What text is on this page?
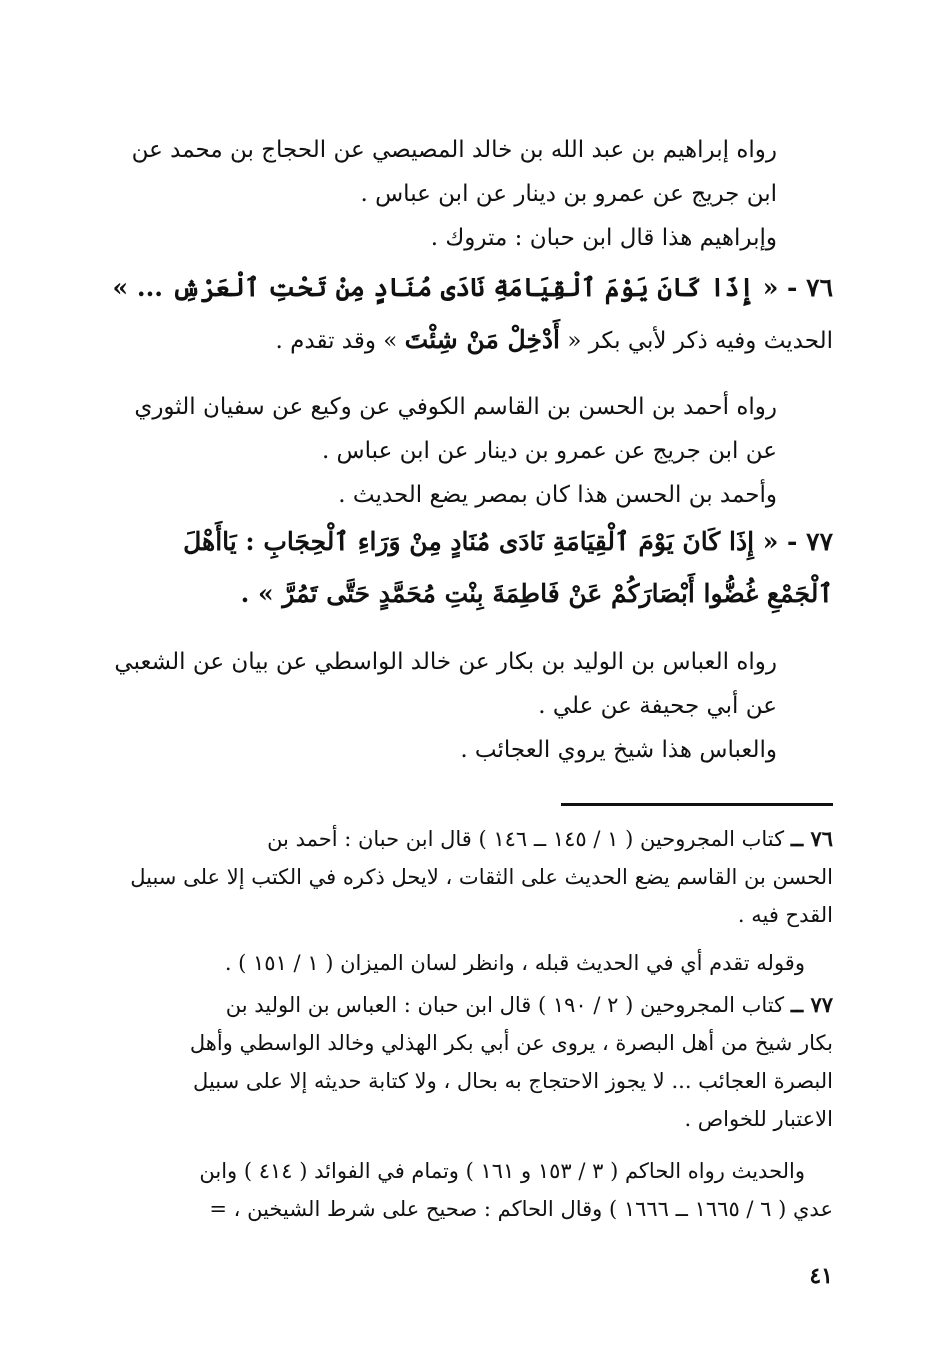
رواه إبراهيم بن عبد الله بن خالد المصيصي عن الحجاج بن محمد عن
ابن جريج عن عمرو بن دينار عن ابن عباس .
وإبراهيم هذا قال ابن حبان : متروك .
٧٦ - « إِذَا كَانَ يَوْمَ ٱلْقِيَامَةِ نَادَى مُنَادٍ مِنْ تَحْتِ ٱلْعَرْشِ ... »
الحديث وفيه ذكر لأبي بكر « أَدْخِلْ مَنْ شِئْتَ » وقد تقدم .
رواه أحمد بن الحسن بن القاسم الكوفي عن وكيع عن سفيان الثوري
عن ابن جريج عن عمرو بن دينار عن ابن عباس .
وأحمد بن الحسن هذا كان بمصر يضع الحديث .
٧٧ - « إِذَا كَانَ يَوْمَ ٱلْقِيَامَةِ نَادَى مُنَادٍ مِنْ وَرَاءِ ٱلْحِجَابِ : يَاأَهْلَ
ٱلْجَمْعِ غُضُّوا أَبْصَارَكُمْ عَنْ فَاطِمَةَ بِنْتِ مُحَمَّدٍ حَتَّى تَمُرَّ » .
رواه العباس بن الوليد بن بكار عن خالد الواسطي عن بيان عن الشعبي
عن أبي جحيفة عن علي .
والعباس هذا شيخ يروي العجائب .
٧٦ ــ كتاب المجروحين ( ١ / ١٤٥ ــ ١٤٦ ) قال ابن حبان : أحمد بن
الحسن بن القاسم يضع الحديث على الثقات ، لايحل ذكره في الكتب إلا على سبيل
القدح فيه .
وقوله تقدم أي في الحديث قبله ، وانظر لسان الميزان ( ١ / ١٥١ ) .
٧٧ ــ كتاب المجروحين ( ٢ / ١٩٠ ) قال ابن حبان : العباس بن الوليد بن
بكار شيخ من أهل البصرة ، يروى عن أبي بكر الهذلي وخالد الواسطي وأهل
البصرة العجائب ... لا يجوز الاحتجاج به بحال ، ولا كتابة حديثه إلا على سبيل
الاعتبار للخواص .
والحديث رواه الحاكم ( ٣ / ١٥٣ و ١٦١ ) وتمام في الفوائد ( ٤١٤ ) وابن
عدي ( ٦ / ١٦٦٥ ــ ١٦٦٦ ) وقال الحاكم : صحيح على شرط الشيخين ، =
٤١
